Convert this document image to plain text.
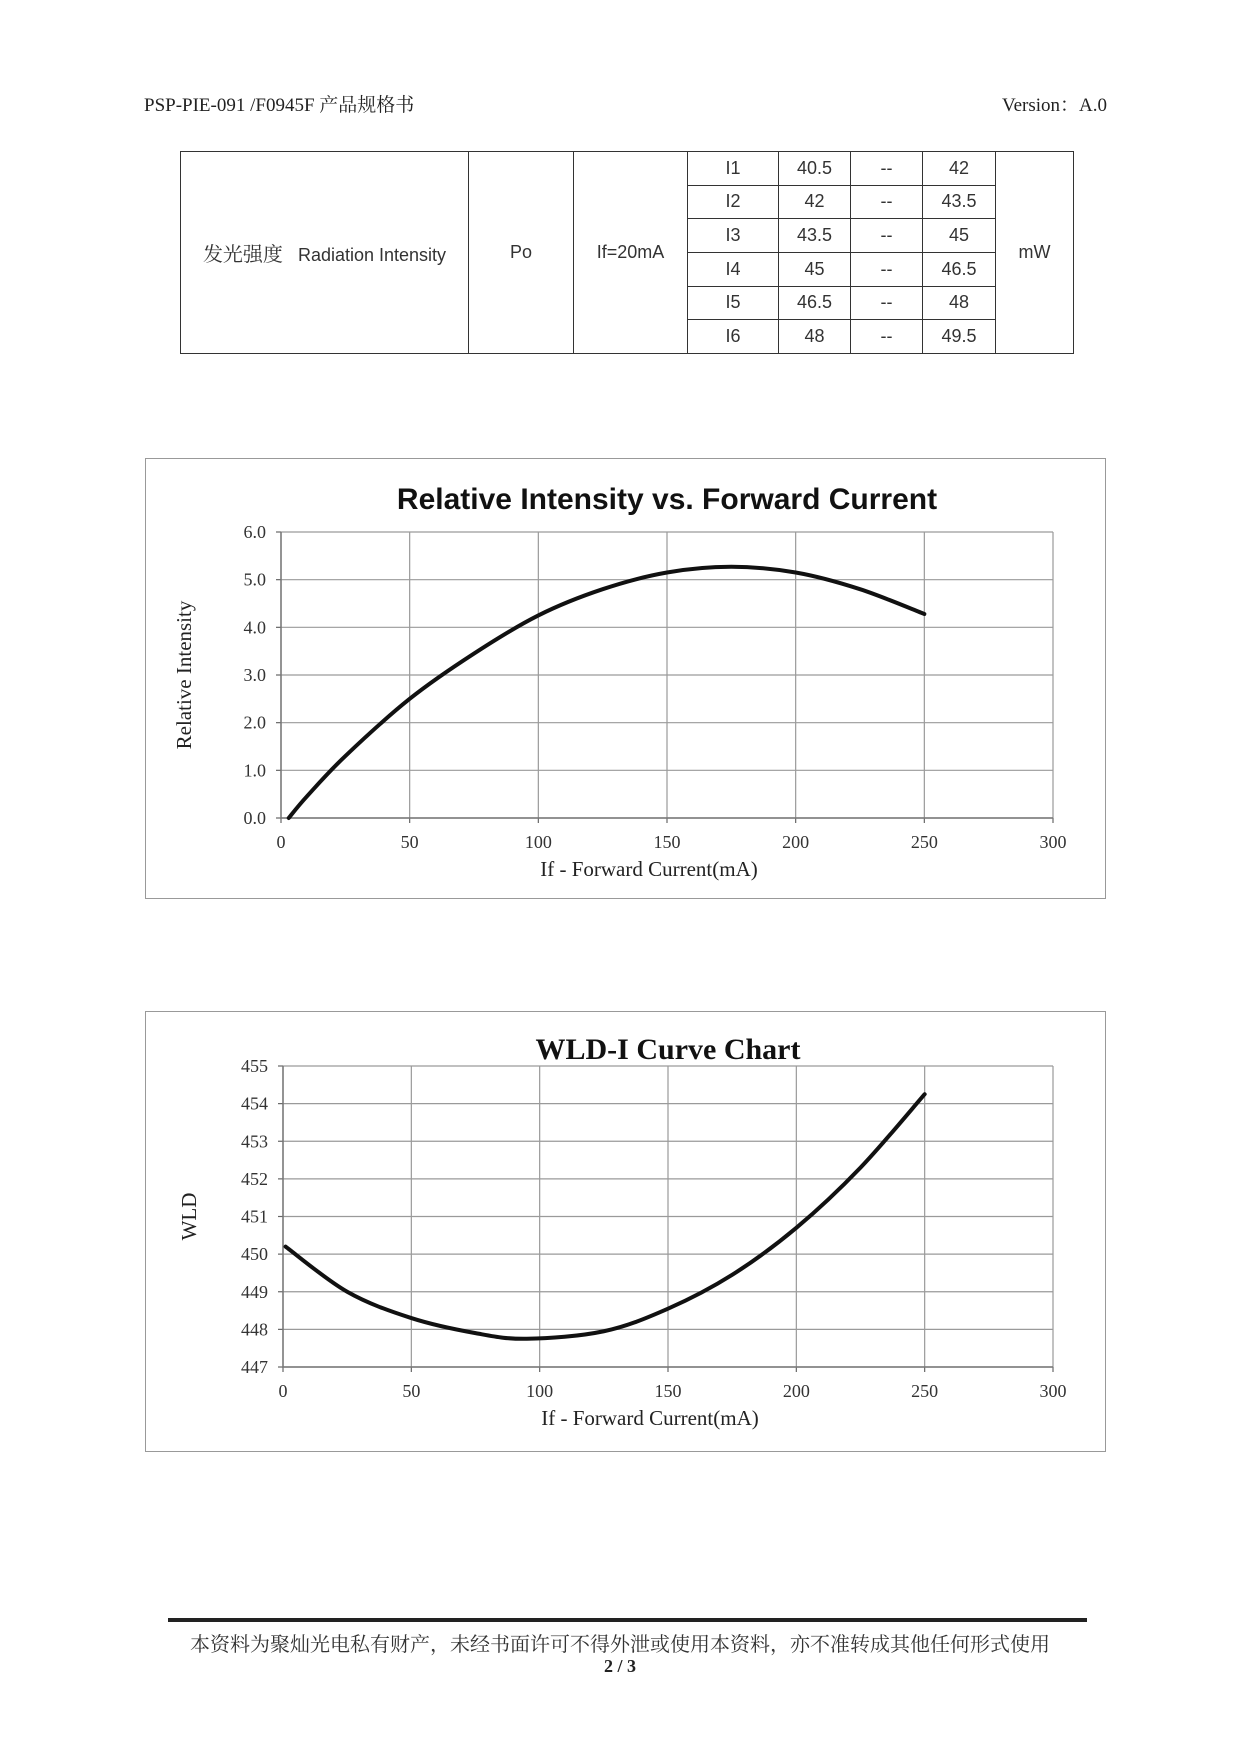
PSP-PIE-091 /F0945F 产品规格书	Version：A.0
发光强度 Radiation Intensity	Po	If=20mA	I1	40.5	--	42	mW
			I2	42	--	43.5	
			I3	43.5	--	45	
			I4	45	--	46.5	
			I5	46.5	--	48	
			I6	48	--	49.5	
Relative Intensity vs. Forward Current
0	50	100	150	200	250	300
0.0
1.0
2.0
3.0
4.0
5.0
6.0
If - Forward Current(mA)
Relative Intensity
WLD-I Curve Chart
0	50	100	150	200	250	300
447
448
449
450
451
452
453
454
455
If - Forward Current(mA)
WLD
本资料为聚灿光电私有财产，未经书面许可不得外泄或使用本资料，亦不准转成其他任何形式使用
2 / 3
